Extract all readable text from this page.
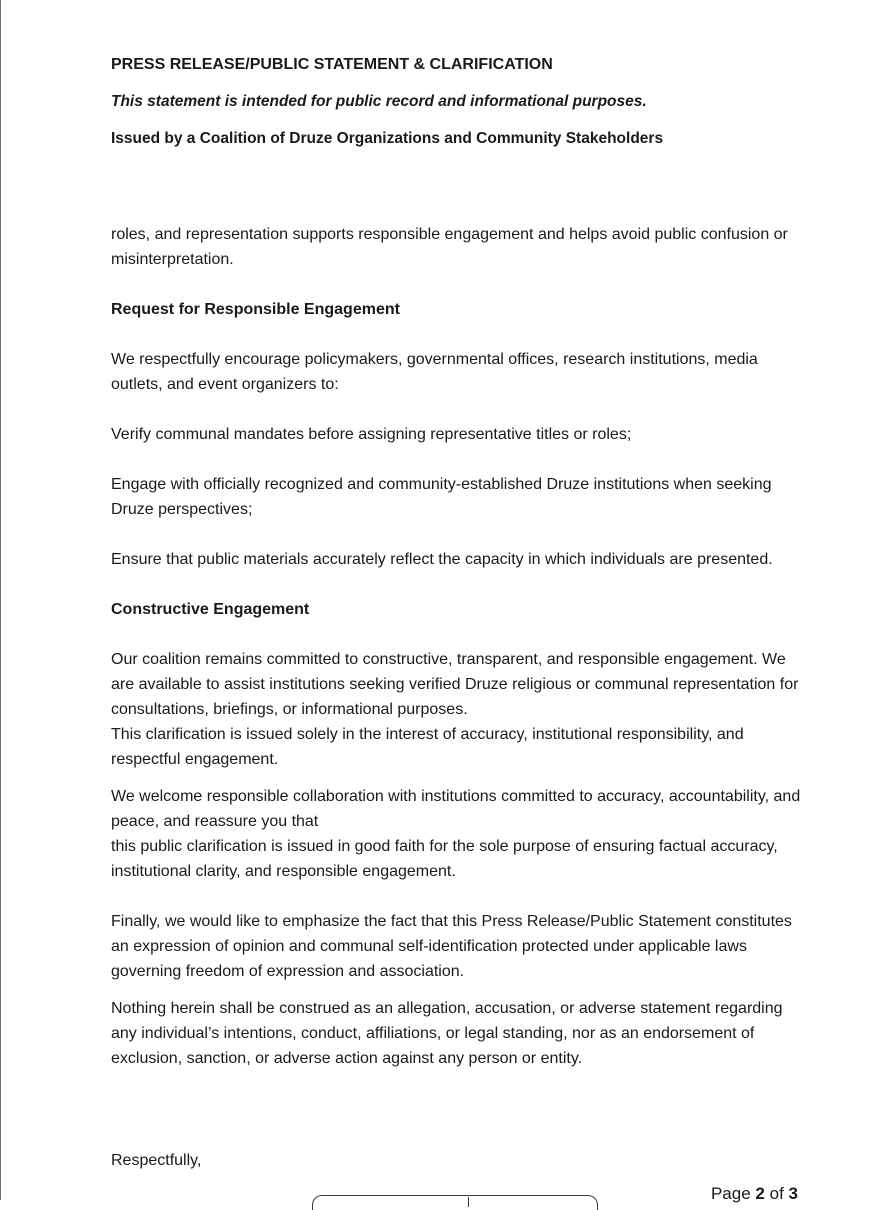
PRESS RELEASE/PUBLIC STATEMENT & CLARIFICATION
This statement is intended for public record and informational purposes.
Issued by a Coalition of Druze Organizations and Community Stakeholders

roles, and representation supports responsible engagement and helps avoid public confusion or misinterpretation.

Request for Responsible Engagement

We respectfully encourage policymakers, governmental offices, research institutions, media outlets, and event organizers to:

Verify communal mandates before assigning representative titles or roles;

Engage with officially recognized and community-established Druze institutions when seeking Druze perspectives;

Ensure that public materials accurately reflect the capacity in which individuals are presented.

Constructive Engagement

Our coalition remains committed to constructive, transparent, and responsible engagement. We are available to assist institutions seeking verified Druze religious or communal representation for consultations, briefings, or informational purposes.

This clarification is issued solely in the interest of accuracy, institutional responsibility, and respectful engagement.

We welcome responsible collaboration with institutions committed to accuracy, accountability, and peace, and reassure you that

this public clarification is issued in good faith for the sole purpose of ensuring factual accuracy, institutional clarity, and responsible engagement.

Finally, we would like to emphasize the fact that this Press Release/Public Statement constitutes an expression of opinion and communal self-identification protected under applicable laws governing freedom of expression and association.

Nothing herein shall be construed as an allegation, accusation, or adverse statement regarding any individual’s intentions, conduct, affiliations, or legal standing, nor as an endorsement of exclusion, sanction, or adverse action against any person or entity.

Respectfully,
Page 2 of 3
